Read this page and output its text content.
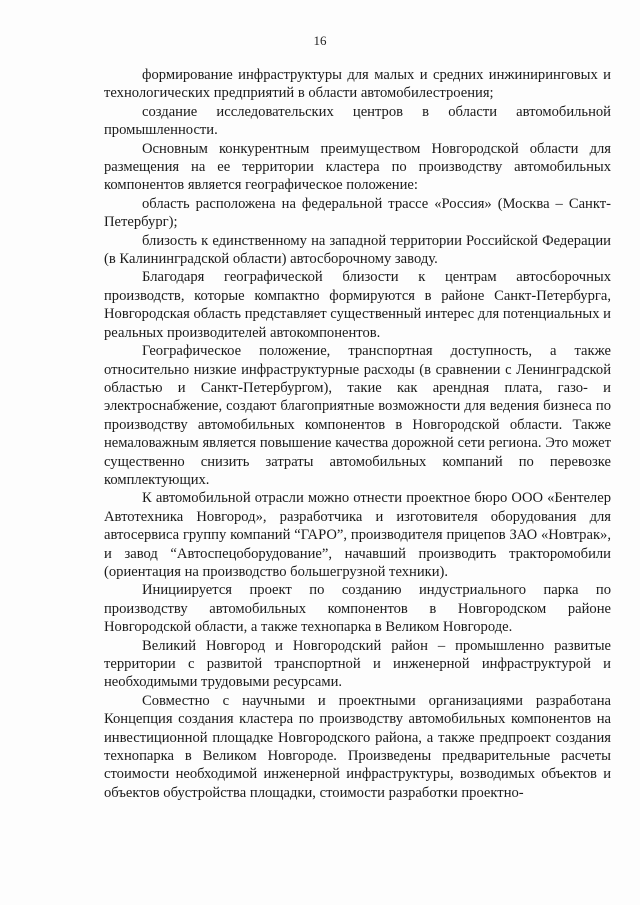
16

формирование инфраструктуры для малых и средних инжиниринговых и технологических предприятий в области автомобилестроения;

создание исследовательских центров в области автомобильной промышленности.

Основным конкурентным преимуществом Новгородской области для размещения на ее территории кластера по производству автомобильных компонентов является географическое положение:

область расположена на федеральной трассе «Россия» (Москва – Санкт-Петербург);

близость к единственному на западной территории Российской Федерации (в Калининградской области) автосборочному заводу.

Благодаря географической близости к центрам автосборочных производств, которые компактно формируются в районе Санкт-Петербурга, Новгородская область представляет существенный интерес для потенциальных и реальных производителей автокомпонентов.

Географическое положение, транспортная доступность, а также относительно низкие инфраструктурные расходы (в сравнении с Ленинградской областью и Санкт-Петербургом), такие как арендная плата, газо- и электроснабжение, создают благоприятные возможности для ведения бизнеса по производству автомобильных компонентов в Новгородской области. Также немаловажным является повышение качества дорожной сети региона. Это может существенно снизить затраты автомобильных компаний по перевозке комплектующих.

К автомобильной отрасли можно отнести проектное бюро ООО «Бентелер Автотехника Новгород», разработчика и изготовителя оборудования для автосервиса группу компаний “ГАРО”, производителя прицепов ЗАО «Новтрак», и завод “Автоспецоборудование”, начавший производить тракторомобили (ориентация на производство большегрузной техники).

Инициируется проект по созданию индустриального парка по производству автомобильных компонентов в Новгородском районе Новгородской области, а также технопарка в Великом Новгороде.

Великий Новгород и Новгородский район – промышленно развитые территории с развитой транспортной и инженерной инфраструктурой и необходимыми трудовыми ресурсами.

Совместно с научными и проектными организациями разработана Концепция создания кластера по производству автомобильных компонентов на инвестиционной площадке Новгородского района, а также предпроект создания технопарка в Великом Новгороде. Произведены предварительные расчеты стоимости необходимой инженерной инфраструктуры, возводимых объектов и объектов обустройства площадки, стоимости разработки проектно-
